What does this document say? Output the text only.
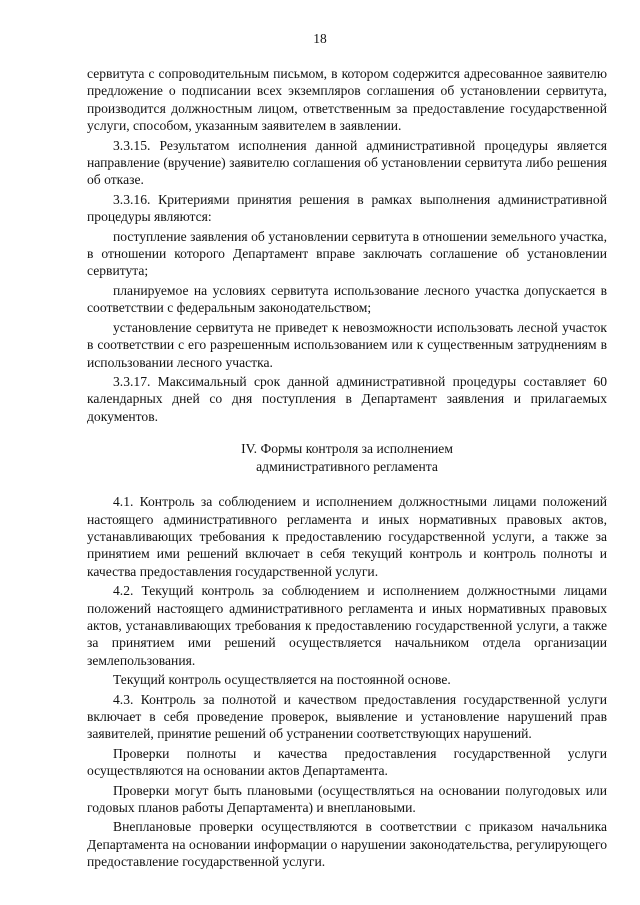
18

сервитута с сопроводительным письмом, в котором содержится адресованное заявителю предложение о подписании всех экземпляров соглашения об установлении сервитута, производится должностным лицом, ответственным за предоставление государственной услуги, способом, указанным заявителем в заявлении.

3.3.15. Результатом исполнения данной административной процедуры является направление (вручение) заявителю соглашения об установлении сервитута либо решения об отказе.

3.3.16. Критериями принятия решения в рамках выполнения административной процедуры являются:

поступление заявления об установлении сервитута в отношении земельного участка, в отношении которого Департамент вправе заключать соглашение об установлении сервитута;

планируемое на условиях сервитута использование лесного участка допускается в соответствии с федеральным законодательством;

установление сервитута не приведет к невозможности использовать лесной участок в соответствии с его разрешенным использованием или к существенным затруднениям в использовании лесного участка.

3.3.17. Максимальный срок данной административной процедуры составляет 60 календарных дней со дня поступления в Департамент заявления и прилагаемых документов.

IV. Формы контроля за исполнением
административного регламента

4.1. Контроль за соблюдением и исполнением должностными лицами положений настоящего административного регламента и иных нормативных правовых актов, устанавливающих требования к предоставлению государственной услуги, а также за принятием ими решений включает в себя текущий контроль и контроль полноты и качества предоставления государственной услуги.

4.2. Текущий контроль за соблюдением и исполнением должностными лицами положений настоящего административного регламента и иных нормативных правовых актов, устанавливающих требования к предоставлению государственной услуги, а также за принятием ими решений осуществляется начальником отдела организации землепользования.

Текущий контроль осуществляется на постоянной основе.

4.3. Контроль за полнотой и качеством предоставления государственной услуги включает в себя проведение проверок, выявление и установление нарушений прав заявителей, принятие решений об устранении соответствующих нарушений.

Проверки полноты и качества предоставления государственной услуги осуществляются на основании актов Департамента.

Проверки могут быть плановыми (осуществляться на основании полугодовых или годовых планов работы Департамента) и внеплановыми.

Внеплановые проверки осуществляются в соответствии с приказом начальника Департамента на основании информации о нарушении законодательства, регулирующего предоставление государственной услуги.
